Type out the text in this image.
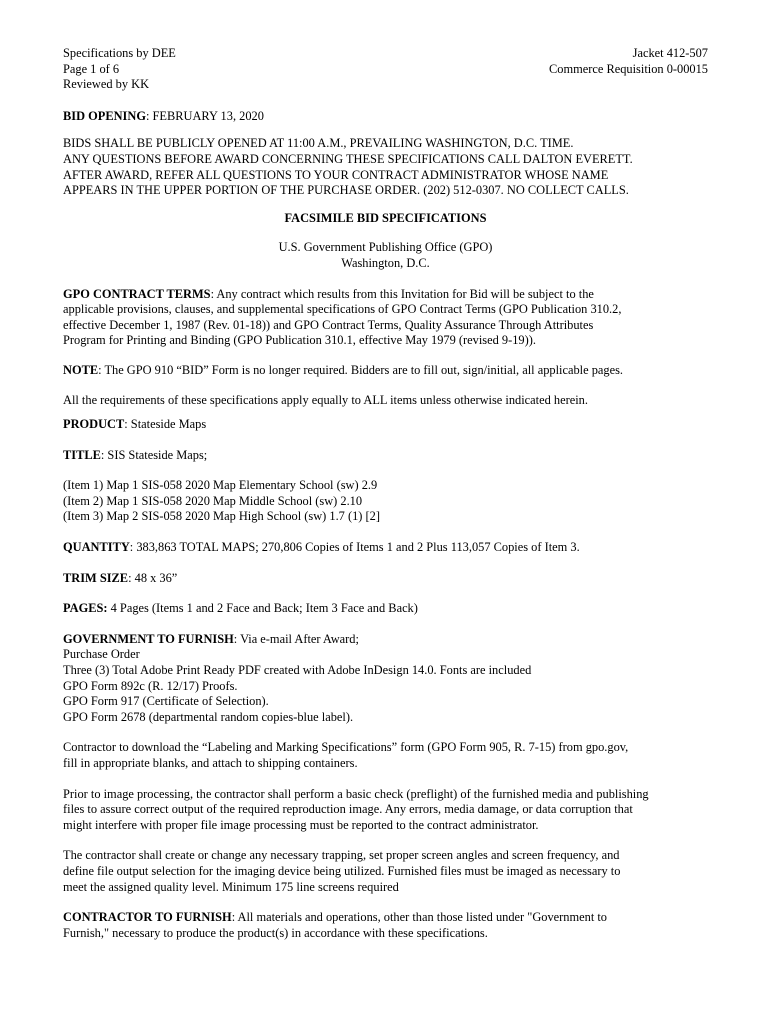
Specifications by DEE
Page 1 of 6
Reviewed by KK
Jacket 412-507
Commerce Requisition 0-00015

BID OPENING: FEBRUARY 13, 2020

BIDS SHALL BE PUBLICLY OPENED AT 11:00 A.M., PREVAILING WASHINGTON, D.C. TIME.
ANY QUESTIONS BEFORE AWARD CONCERNING THESE SPECIFICATIONS CALL DALTON EVERETT.
AFTER AWARD, REFER ALL QUESTIONS TO YOUR CONTRACT ADMINISTRATOR WHOSE NAME
APPEARS IN THE UPPER PORTION OF THE PURCHASE ORDER. (202) 512-0307. NO COLLECT CALLS.

FACSIMILE BID SPECIFICATIONS

U.S. Government Publishing Office (GPO)
Washington, D.C.
GPO CONTRACT TERMS: Any contract which results from this Invitation for Bid will be subject to the
applicable provisions, clauses, and supplemental specifications of GPO Contract Terms (GPO Publication 310.2,
effective December 1, 1987 (Rev. 01-18)) and GPO Contract Terms, Quality Assurance Through Attributes
Program for Printing and Binding (GPO Publication 310.1, effective May 1979 (revised 9-19)).

NOTE: The GPO 910 “BID” Form is no longer required. Bidders are to fill out, sign/initial, all applicable pages.

All the requirements of these specifications apply equally to ALL items unless otherwise indicated herein.

PRODUCT: Stateside Maps

TITLE: SIS Stateside Maps;

(Item 1) Map 1 SIS-058 2020 Map Elementary School (sw) 2.9
(Item 2) Map 1 SIS-058 2020 Map Middle School (sw) 2.10
(Item 3) Map 2 SIS-058 2020 Map High School (sw) 1.7 (1) [2]

QUANTITY: 383,863 TOTAL MAPS; 270,806 Copies of Items 1 and 2 Plus 113,057 Copies of Item 3.

TRIM SIZE: 48 x 36”

PAGES: 4 Pages (Items 1 and 2 Face and Back; Item 3 Face and Back)

GOVERNMENT TO FURNISH: Via e-mail After Award;
Purchase Order
Three (3) Total Adobe Print Ready PDF created with Adobe InDesign 14.0. Fonts are included
GPO Form 892c (R. 12/17) Proofs.
GPO Form 917 (Certificate of Selection).
GPO Form 2678 (departmental random copies-blue label).
Contractor to download the “Labeling and Marking Specifications” form (GPO Form 905, R. 7-15) from gpo.gov,
fill in appropriate blanks, and attach to shipping containers.
Prior to image processing, the contractor shall perform a basic check (preflight) of the furnished media and publishing
files to assure correct output of the required reproduction image. Any errors, media damage, or data corruption that
might interfere with proper file image processing must be reported to the contract administrator.
The contractor shall create or change any necessary trapping, set proper screen angles and screen frequency, and
define file output selection for the imaging device being utilized. Furnished files must be imaged as necessary to
meet the assigned quality level. Minimum 175 line screens required
CONTRACTOR TO FURNISH: All materials and operations, other than those listed under "Government to
Furnish," necessary to produce the product(s) in accordance with these specifications.
